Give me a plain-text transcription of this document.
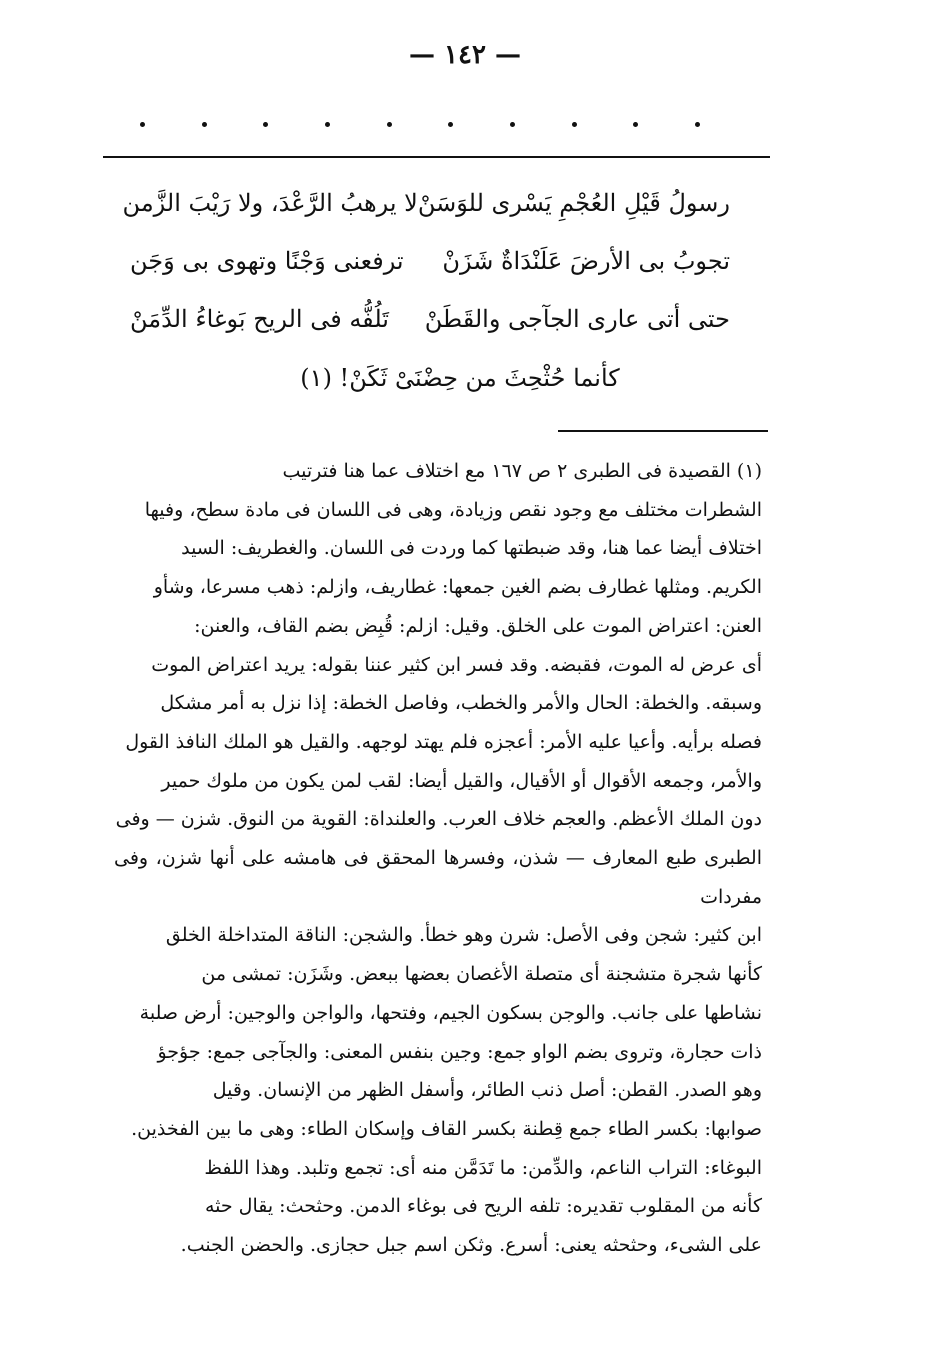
— ١٤٢ —
رسولُ قَيْلِ العُجْمِ يَسْرى للوَسَنْ
لا يرهبُ الرَّعْدَ، ولا رَيْبَ الزَّمن
تجوبُ بى الأرضَ عَلَنْدَاةٌ شَزَنْ
ترفعنى وَجْنًا وتهوى بى وَجَن
حتى أتى عارى الجآجى والقَطَنْ
تَلُفُّه فى الريح بَوغاءُ الدِّمَنْ
كأنما حُثْحِثَ من حِضْنَىْ ثَكَنْ! (١)
(١) القصيدة فى الطبرى ٢ ص ١٦٧ مع اختلاف عما هنا فترتيب
الشطرات مختلف مع وجود نقص وزيادة، وهى فى اللسان فى مادة سطح، وفيها
اختلاف أيضا عما هنا، وقد ضبطتها كما وردت فى اللسان. والغطريف: السيد
الكريم. ومثلها غطارف بضم الغين جمعها: غطاريف، وازلم: ذهب مسرعا، وشأو
العنن: اعتراض الموت على الخلق. وقيل: ازلم: قُبِض بضم القاف، والعنن:
أى عرض له الموت، فقبضه. وقد فسر ابن كثير عننا بقوله: يريد اعتراض الموت
وسبقه. والخطة: الحال والأمر والخطب، وفاصل الخطة: إذا نزل به أمر مشكل
فصله برأيه. وأعيا عليه الأمر: أعجزه فلم يهتد لوجهه. والقيل هو الملك النافذ القول
والأمر، وجمعه الأقوال أو الأقيال، والقيل أيضا: لقب لمن يكون من ملوك حمير
دون الملك الأعظم. والعجم خلاف العرب. والعلنداة: القوية من النوق. شزن — وفى
الطبرى طبع المعارف — شذن، وفسرها المحقق فى هامشه على أنها شزن، وفى مفردات
ابن كثير: شجن وفى الأصل: شرن وهو خطأ. والشجن: الناقة المتداخلة الخلق
كأنها شجرة متشجنة أى متصلة الأغصان بعضها ببعض. وشَزَن: تمشى من
نشاطها على جانب. والوجن بسكون الجيم، وفتحها، والواجن والوجين: أرض صلبة
ذات حجارة، وتروى بضم الواو جمع: وجين بنفس المعنى: والجآجى جمع: جؤجؤ
وهو الصدر. القطن: أصل ذنب الطائر، وأسفل الظهر من الإنسان. وقيل
صوابها: بكسر الطاء جمع قِطنة بكسر القاف وإسكان الطاء: وهى ما بين الفخذين.
البوغاء: التراب الناعم، والدِّمن: ما تَدَمَّن منه أى: تجمع وتلبد. وهذا اللفظ
كأنه من المقلوب تقديره: تلفه الريح فى بوغاء الدمن. وحثحث: يقال حثه
على الشىء، وحثحثه يعنى: أسرع. وثكن اسم جبل حجازى. والحضن الجنب.
